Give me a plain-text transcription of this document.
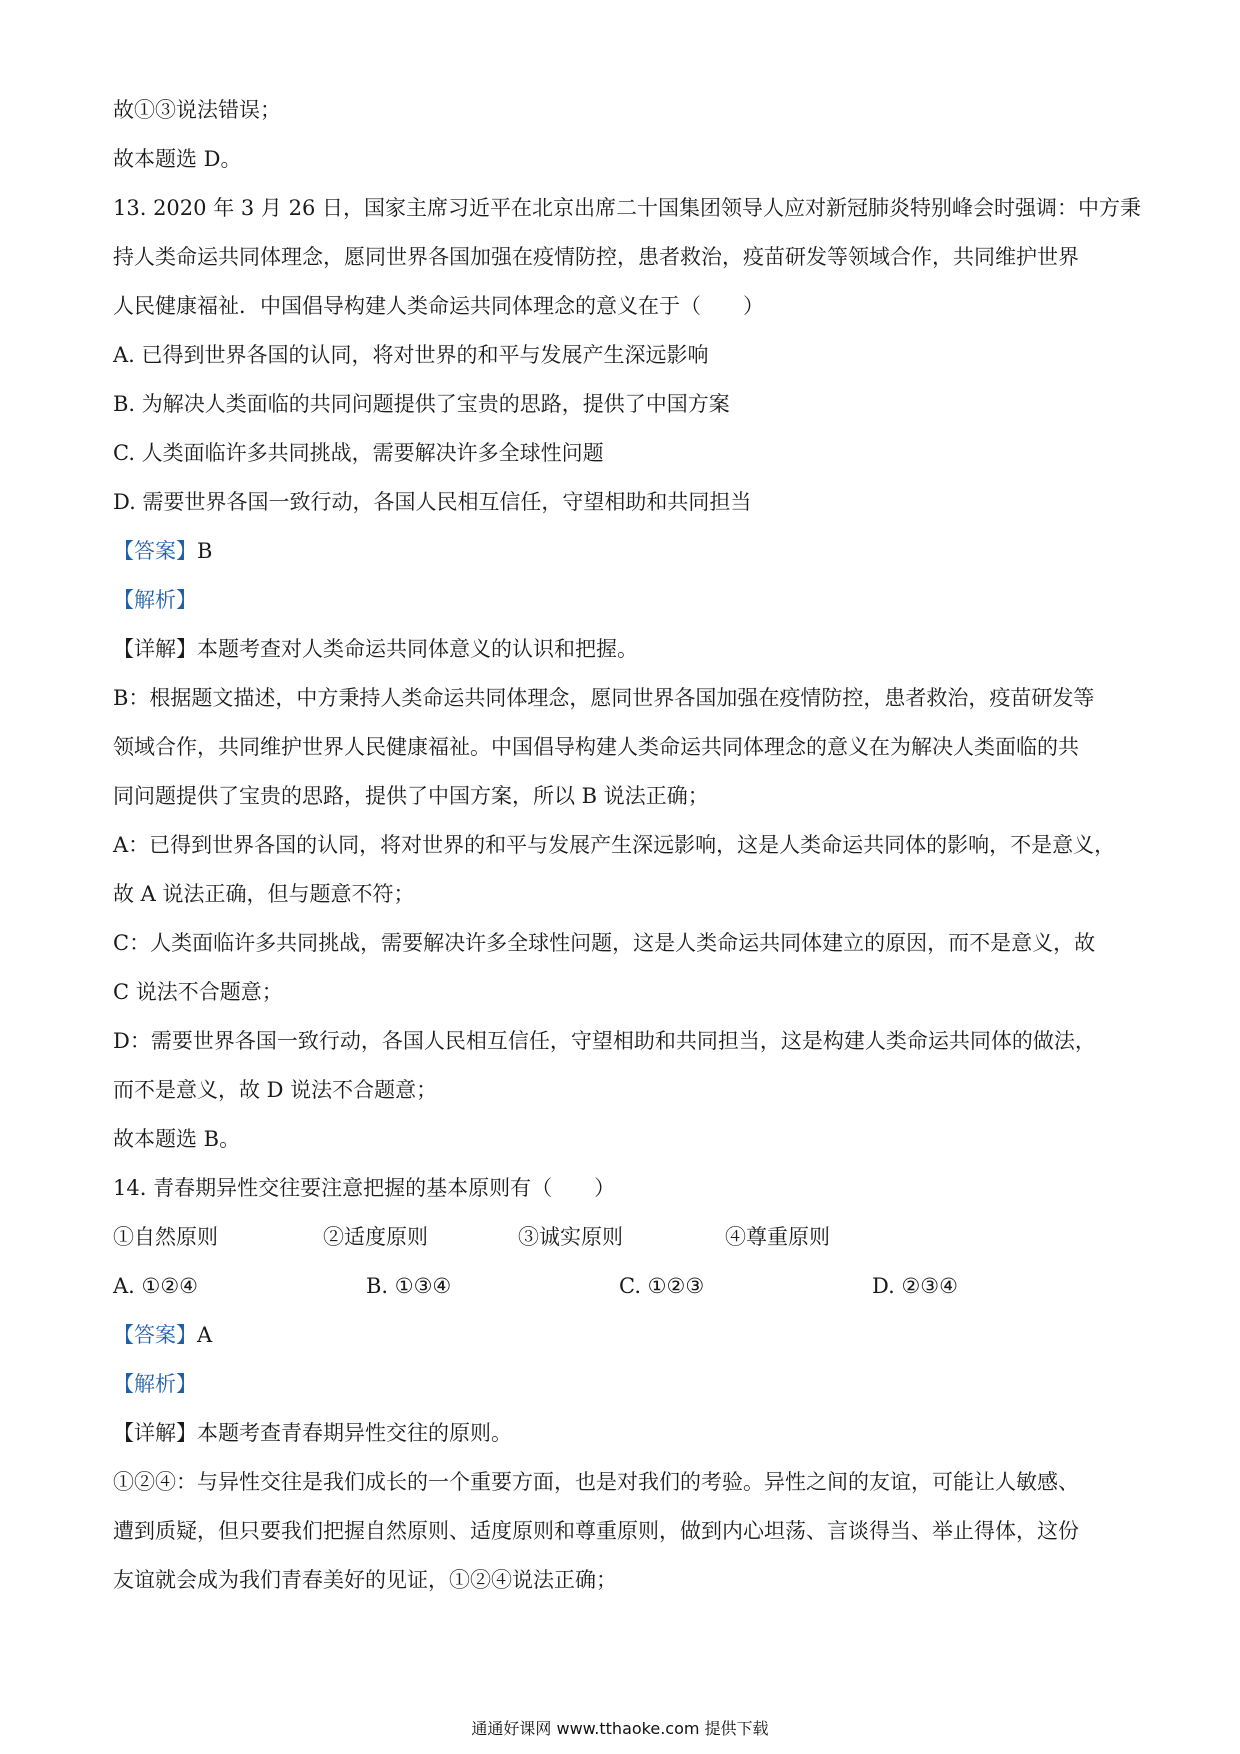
故①③说法错误；
故本题选 D。
13. 2020 年 3 月 26 日，国家主席习近平在北京出席二十国集团领导人应对新冠肺炎特别峰会时强调：中方秉
持人类命运共同体理念，愿同世界各国加强在疫情防控，患者救治，疫苗研发等领域合作，共同维护世界
人民健康福祉．中国倡导构建人类命运共同体理念的意义在于（　　）
A. 已得到世界各国的认同，将对世界的和平与发展产生深远影响
B. 为解决人类面临的共同问题提供了宝贵的思路，提供了中国方案
C. 人类面临许多共同挑战，需要解决许多全球性问题
D. 需要世界各国一致行动，各国人民相互信任，守望相助和共同担当
【答案】B
【解析】
【详解】本题考查对人类命运共同体意义的认识和把握。
B：根据题文描述，中方秉持人类命运共同体理念，愿同世界各国加强在疫情防控，患者救治，疫苗研发等
领域合作，共同维护世界人民健康福祉。中国倡导构建人类命运共同体理念的意义在为解决人类面临的共
同问题提供了宝贵的思路，提供了中国方案，所以 B 说法正确；
A：已得到世界各国的认同，将对世界的和平与发展产生深远影响，这是人类命运共同体的影响，不是意义，
故 A 说法正确，但与题意不符；
C：人类面临许多共同挑战，需要解决许多全球性问题，这是人类命运共同体建立的原因，而不是意义，故
C 说法不合题意；
D：需要世界各国一致行动，各国人民相互信任，守望相助和共同担当，这是构建人类命运共同体的做法，
而不是意义，故 D 说法不合题意；
故本题选 B。
14. 青春期异性交往要注意把握的基本原则有（　　）
①自然原则	②适度原则	③诚实原则	④尊重原则
A. ①②④	B. ①③④	C. ①②③	D. ②③④
【答案】A
【解析】
【详解】本题考查青春期异性交往的原则。
①②④：与异性交往是我们成长的一个重要方面，也是对我们的考验。异性之间的友谊，可能让人敏感、
遭到质疑，但只要我们把握自然原则、适度原则和尊重原则，做到内心坦荡、言谈得当、举止得体，这份
友谊就会成为我们青春美好的见证，①②④说法正确；
通通好课网 www.tthaoke.com 提供下载
